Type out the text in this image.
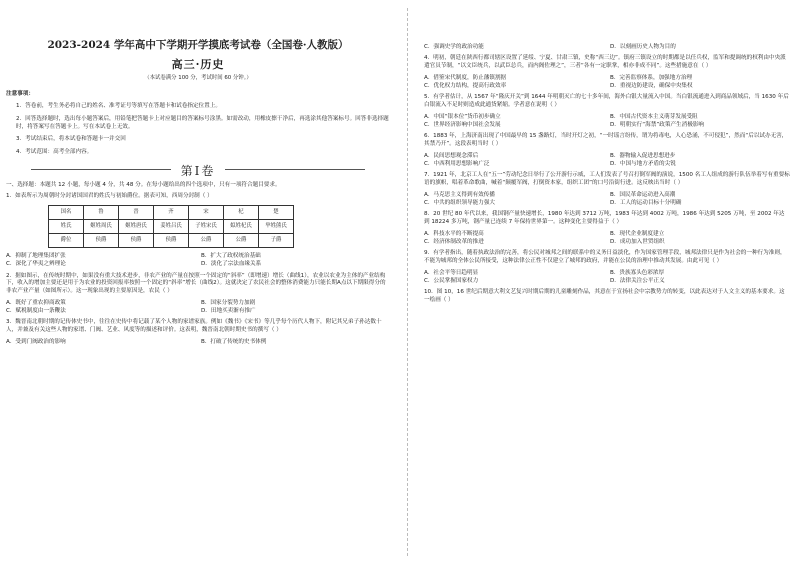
2023-2024 学年高中下学期开学摸底考试卷（全国卷·人教版）
高三·历史
（本试卷满分 100 分，考试时间 60 分钟。）
注意事项：
1．答卷前，考生务必将自己的姓名、准考证号等填写在答题卡和试卷指定位置上。
2．回答选择题时，选出每小题答案后，用铅笔把答题卡上对应题目的答案标号涂黑。如需改动，用橡皮擦干净后，再选涂其他答案标号。回答非选择题时，将答案写在答题卡上。写在本试卷上无效。
3．考试结束后，将本试卷和答题卡一并交回
4．考试范围：高考全部内容。
第Ⅰ卷

一、选择题：本题共 12 小题，每小题 4 分，共 48 分。在每小题给出的四个选项中，只有一项符合题目要求。

1．如表所示为周朝时分封诸国国君的姓氏与初始爵位。据表可知，西周分封制（ ）

国名	鲁	晋	齐	宋	杞	楚
姓氏	姬姓周氏	姬姓唐氏	姜姓吕氏	子姓宋氏	姒姓杞氏	芈姓熊氏
爵位	侯爵	侯爵	侯爵	公爵	公爵	子爵
A．抑制了地理集团扩张	B．扩大了政权统治基础
C．深化了华夷之辨理论	D．淡化了宗法血缘关系

2．据如图示，在传统时期中，如果没有重大技术进步，非农产业的产量在按照一个固定的“斜率”（即增速）增长（曲线1），农业以农业为主体的产业结构下，收入的增加主要还是用于为农业的投资回报率按照一个固定的“斜率”增长（曲线2）。这就决定了农民社会的整体消费能力只能长期A点以下期限得分的非农产业产量（如图所示）。这一现象出现的主要原因是，农民（ ）

A．既好了重农抑商政策	B．国家分裂势力加剧
C．赋税制度由一条鞭法	D．田地买卖渐有推广

3．魏晋南北朝时期的记传体史书中，往往在史传中将记载了某个人物的家谱家族。例如《魏书》《宋书》等几乎每个历代人物下，附记其兄弟子孙达数十人，并兼及有关这些人物的家谱、门阀、艺业、风度等的描述和评价。这表明，魏晋南北朝时期史书的撰写（ ）

A．受到门阀政治的影响	B．打破了传统的史书体例
C．强调史学的政治功能	D．以刻画历史人物为目的

4．明初，朝廷在陕西行都司辖区设置了延绥、宁夏、甘肃三镇，史称“西三边”。镇府三镇设立的时期都是以任兵权，监军和提调统的权利由中央派遣官员节制，“以文臣统兵，以武臣总兵，而内阁佐理之”，三者“各有一定职掌，相亦非成不同”。这些措施意在（ ）

A．借鉴宋代制度，防止藩镇割据	B．完善监察体系，加强地方治理
C．优化权力结构，提高行政效率	D．重视边防建设，确保中央集权

5．有学者估计，从 1567 年“隆庆开关”到 1644 年明朝灭亡的七十多年间，海外白银大量流入中国。当白银流通进入到商品领域后，当 1630 年后白银流入不足时则造成此通货紧缩。学者意在说明（ ）

A．中国“银本位”货币初步确立	B．中国古代资本主义萌芽发展受阻
C．世界经济影响中国社会发展	D．明朝实行“海禁”政策产生消极影响

6．1883 年，上海济南出现了中国最早的 15 盏路灯，当时开灯之初，“一时谣言纷传，谓为将毒电，人心恐涌，不可侵犯”，然而“后以试办无害，其禁乃开”。这段表明当时（ ）

A．民间思想观念滞后	B．器物输入促进思想进步
C．中西利用思想影响广泛	D．中国与地方矛盾的尖锐

7．1921 年，北京工人在“五一”劳动纪念日举行了公开游行示威，工人们发表了号召打倒军阀的演说，1500 名工人组成的游行队伍举着写有重要标语的旗帜，唱着革命歌曲，喊着“颠覆军阀，打倒资本家，组织工团”的口号沿街行进。这反映出当时（ ）

A．马克思主义得到有效传播	B．国民革命运动进入高潮
C．中共的组织领导能力强大	D．工人的运动目标十分明确

8．20 世纪 80 年代以来，我国钢产量快速增长，1980 年达到 3712 万吨，1983 年达到 4002 万吨，1986 年达到 5205 万吨，至 2002 年达到 18224 多万吨，钢产量已连续 7 年保持世界第一。这种变化主要得益于（ ）

A．科技水平的不断提高	B．现代企业制度建立
C．经济体制改革的推进	D．成功加入世贸组织

9．有学者指出，随着执政法治的完善，将公民对城邦之间的联系中的义务日益淡化，作为国家管理手段，城邦法律只是作为社会的一种行为准则，不能为城邦的全体公民所接受，这种法律公正性不仅建立了城邦的政府，并能在公民的治理中推动其发展。由此可见（ ）

A．社会平等日趋明显	B．贵族寡头色彩浓厚
C．公民掌握国家权力	D．法律关注公平正义

10．图 10，16 世纪后期意大利文艺复兴时期后期的儿童雕刻作品，其意在于宣扬社会中宗教势力的转变，以此表达对于人文主义的基本要求。这一绘画（ ）
